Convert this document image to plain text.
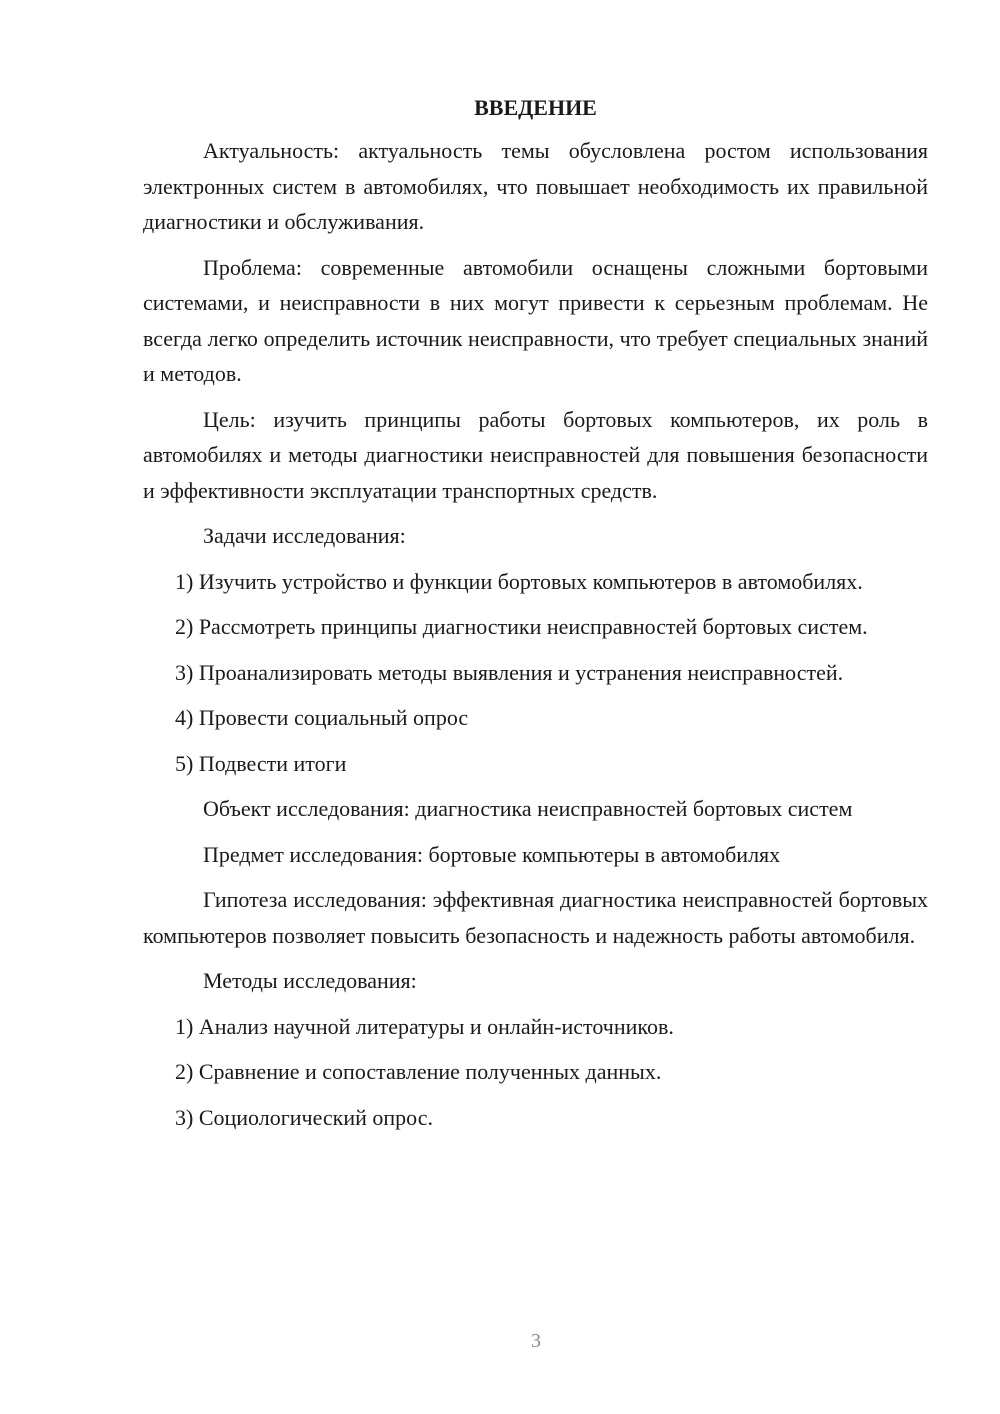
ВВЕДЕНИЕ

Актуальность: актуальность темы обусловлена ростом использования электронных систем в автомобилях, что повышает необходимость их правильной диагностики и обслуживания.

Проблема: современные автомобили оснащены сложными бортовыми системами, и неисправности в них могут привести к серьезным проблемам. Не всегда легко определить источник неисправности, что требует специальных знаний и методов.

Цель: изучить принципы работы бортовых компьютеров, их роль в автомобилях и методы диагностики неисправностей для повышения безопасности и эффективности эксплуатации транспортных средств.

Задачи исследования:

1) Изучить устройство и функции бортовых компьютеров в автомобилях.

2) Рассмотреть принципы диагностики неисправностей бортовых систем.

3) Проанализировать методы выявления и устранения неисправностей.

4) Провести социальный опрос

5) Подвести итоги

Объект исследования: диагностика неисправностей бортовых систем

Предмет исследования: бортовые компьютеры в автомобилях

Гипотеза исследования: эффективная диагностика неисправностей бортовых компьютеров позволяет повысить безопасность и надежность работы автомобиля.

Методы исследования:

1) Анализ научной литературы и онлайн-источников.

2) Сравнение и сопоставление полученных данных.

3) Социологический опрос.

3
